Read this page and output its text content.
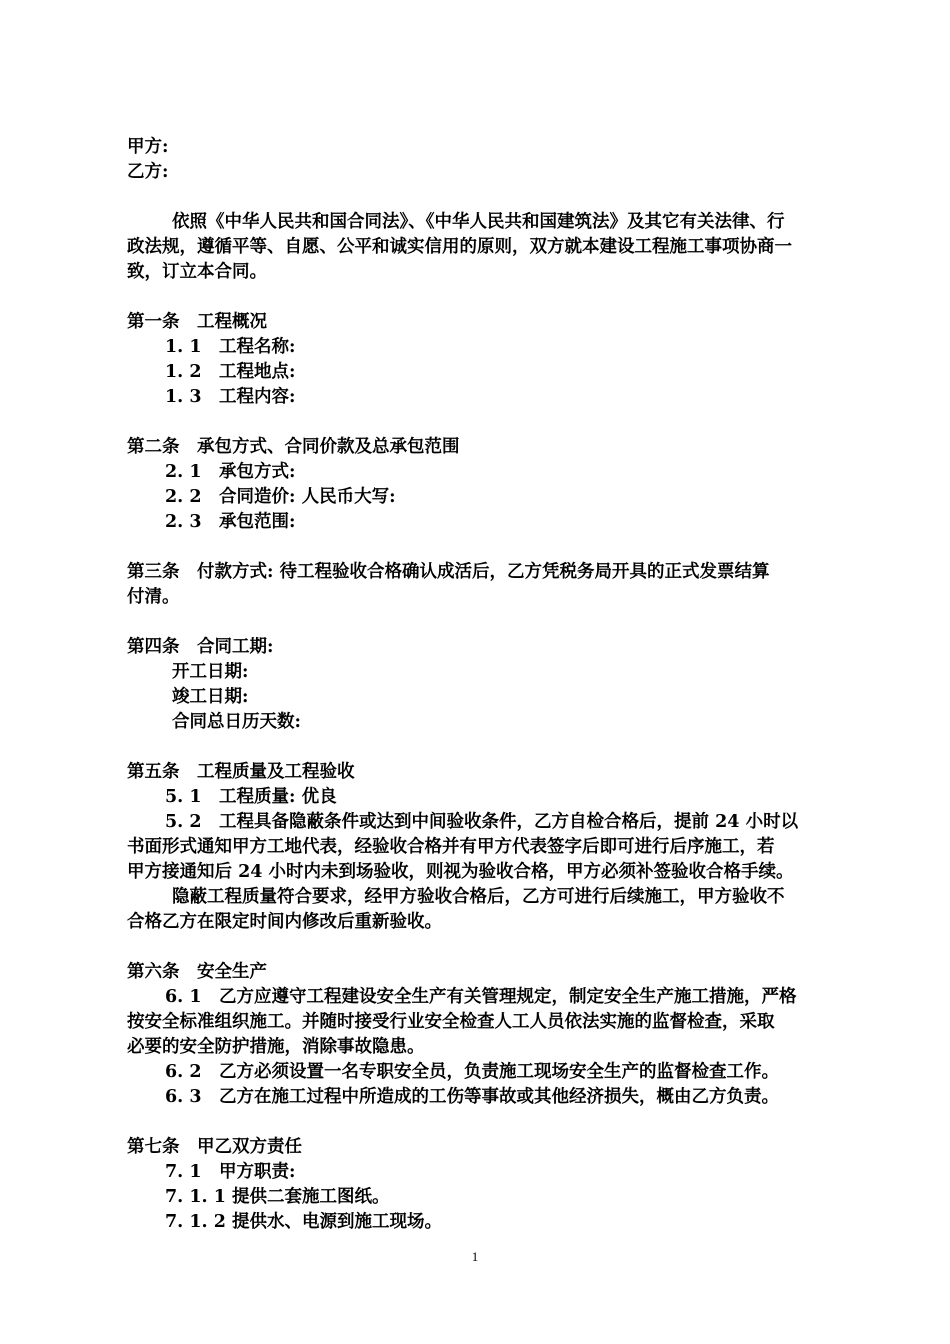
甲方:
乙方:
依照《中华人民共和国合同法》、《中华人民共和国建筑法》及其它有关法律、行
政法规，遵循平等、自愿、公平和诚实信用的原则，双方就本建设工程施工事项协商一
致，订立本合同。
第一条　工程概况
1. 1　工程名称:
1. 2　工程地点:
1. 3　工程内容:
第二条　承包方式、合同价款及总承包范围
2. 1　承包方式:
2. 2　合同造价: 人民币大写:
2. 3　承包范围:
第三条　付款方式: 待工程验收合格确认成活后，乙方凭税务局开具的正式发票结算
付清。
第四条　合同工期:
开工日期:
竣工日期:
合同总日历天数:
第五条　工程质量及工程验收
5. 1　工程质量: 优良
5. 2　工程具备隐蔽条件或达到中间验收条件，乙方自检合格后，提前 24 小时以
书面形式通知甲方工地代表，经验收合格并有甲方代表签字后即可进行后序施工，若
甲方接通知后 24 小时内未到场验收，则视为验收合格，甲方必须补签验收合格手续。
隐蔽工程质量符合要求，经甲方验收合格后，乙方可进行后续施工，甲方验收不
合格乙方在限定时间内修改后重新验收。
第六条　安全生产
6. 1　乙方应遵守工程建设安全生产有关管理规定，制定安全生产施工措施，严格
按安全标准组织施工。并随时接受行业安全检查人工人员依法实施的监督检查，采取
必要的安全防护措施，消除事故隐患。
6. 2　乙方必须设置一名专职安全员，负责施工现场安全生产的监督检查工作。
6. 3　乙方在施工过程中所造成的工伤等事故或其他经济损失，概由乙方负责。
第七条　甲乙双方责任
7. 1　甲方职责:
7. 1. 1 提供二套施工图纸。
7. 1. 2 提供水、电源到施工现场。
1
